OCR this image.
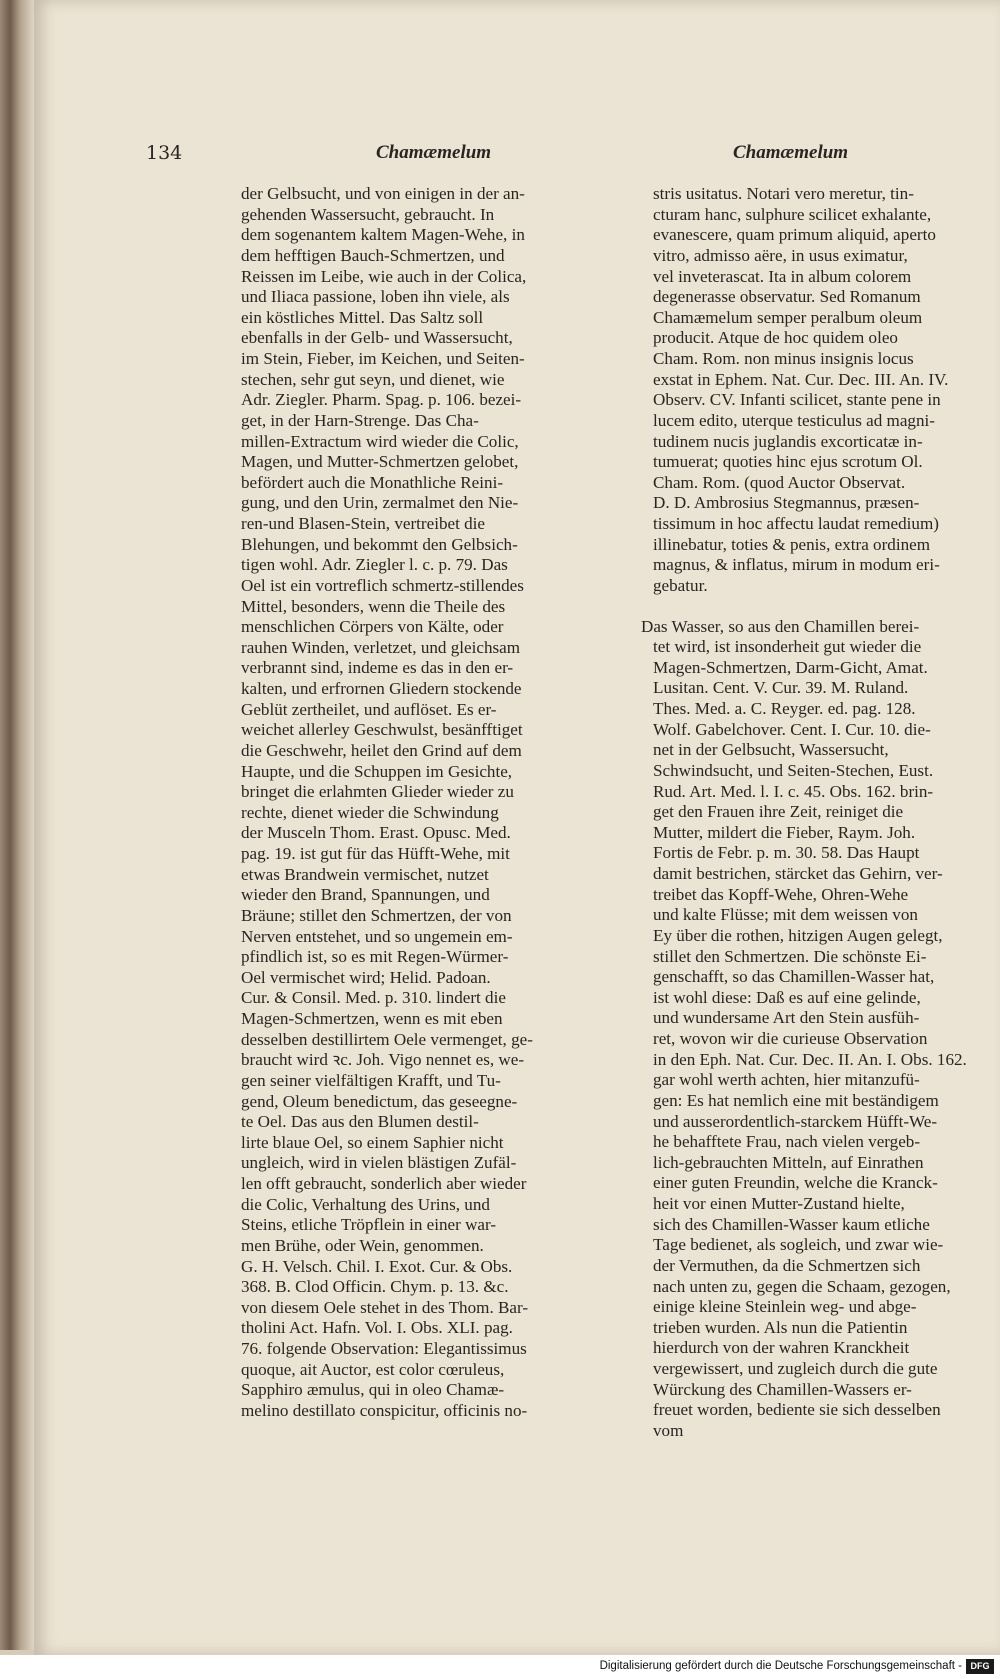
134	Chamæmelum	Chamæmelum
der Gelbsucht, und von einigen in der an-
gehenden Wassersucht, gebraucht. In
dem sogenantem kaltem Magen-Wehe, in
dem hefftigen Bauch-Schmertzen, und
Reissen im Leibe, wie auch in der Colica,
und Iliaca passione, loben ihn viele, als
ein köstliches Mittel. Das Saltz soll
ebenfalls in der Gelb- und Wassersucht,
im Stein, Fieber, im Keichen, und Seiten-
stechen, sehr gut seyn, und dienet, wie
Adr. Ziegler. Pharm. Spag. p. 106. bezei-
get, in der Harn-Strenge. Das Cha-
millen-Extractum wird wieder die Colic,
Magen, und Mutter-Schmertzen gelobet,
befördert auch die Monathliche Reini-
gung, und den Urin, zermalmet den Nie-
ren-und Blasen-Stein, vertreibet die
Blehungen, und bekommt den Gelbsich-
tigen wohl. Adr. Ziegler l. c. p. 79. Das
Oel ist ein vortreflich schmertz-stillendes
Mittel, besonders, wenn die Theile des
menschlichen Cörpers von Kälte, oder
rauhen Winden, verletzet, und gleichsam
verbrannt sind, indeme es das in den er-
kalten, und erfrornen Gliedern stockende
Geblüt zertheilet, und auflöset. Es er-
weichet allerley Geschwulst, besänfftiget
die Geschwehr, heilet den Grind auf dem
Haupte, und die Schuppen im Gesichte,
bringet die erlahmten Glieder wieder zu
rechte, dienet wieder die Schwindung
der Musceln Thom. Erast. Opusc. Med.
pag. 19. ist gut für das Hüfft-Wehe, mit
etwas Brandwein vermischet, nutzet
wieder den Brand, Spannungen, und
Bräune; stillet den Schmertzen, der von
Nerven entstehet, und so ungemein em-
pfindlich ist, so es mit Regen-Würmer-
Oel vermischet wird; Helid. Padoan.
Cur. & Consil. Med. p. 310. lindert die
Magen-Schmertzen, wenn es mit eben
desselben destillirtem Oele vermenget, ge-
braucht wird ꝛc. Joh. Vigo nennet es, we-
gen seiner vielfältigen Krafft, und Tu-
gend, Oleum benedictum, das geseegne-
te Oel. Das aus den Blumen destil-
lirte blaue Oel, so einem Saphier nicht
ungleich, wird in vielen blästigen Zufäl-
len offt gebraucht, sonderlich aber wieder
die Colic, Verhaltung des Urins, und
Steins, etliche Tröpflein in einer war-
men Brühe, oder Wein, genommen.
G. H. Velsch. Chil. I. Exot. Cur. & Obs.
368. B. Clod Officin. Chym. p. 13. &c.
von diesem Oele stehet in des Thom. Bar-
tholini Act. Hafn. Vol. I. Obs. XLI. pag.
76. folgende Observation: Elegantissimus
quoque, ait Auctor, est color cœruleus,
Sapphiro æmulus, qui in oleo Chamæ-
melino destillato conspicitur, officinis no-
stris usitatus. Notari vero meretur, tin-
cturam hanc, sulphure scilicet exhalante,
evanescere, quam primum aliquid, aperto
vitro, admisso aëre, in usus eximatur,
vel inveterascat. Ita in album colorem
degenerasse observatur. Sed Romanum
Chamæmelum semper peralbum oleum
producit. Atque de hoc quidem oleo
Cham. Rom. non minus insignis locus
exstat in Ephem. Nat. Cur. Dec. III. An. IV.
Observ. CV. Infanti scilicet, stante pene in
lucem edito, uterque testiculus ad magni-
tudinem nucis juglandis excorticatæ in-
tumuerat; quoties hinc ejus scrotum Ol.
Cham. Rom. (quod Auctor Observat.
D. D. Ambrosius Stegmannus, præsen-
tissimum in hoc affectu laudat remedium)
illinebatur, toties & penis, extra ordinem
magnus, & inflatus, mirum in modum eri-
gebatur.
Das Wasser, so aus den Chamillen berei-
tet wird, ist insonderheit gut wieder die
Magen-Schmertzen, Darm-Gicht, Amat.
Lusitan. Cent. V. Cur. 39. M. Ruland.
Thes. Med. a. C. Reyger. ed. pag. 128.
Wolf. Gabelchover. Cent. I. Cur. 10. die-
net in der Gelbsucht, Wassersucht,
Schwindsucht, und Seiten-Stechen, Eust.
Rud. Art. Med. l. I. c. 45. Obs. 162. brin-
get den Frauen ihre Zeit, reiniget die
Mutter, mildert die Fieber, Raym. Joh.
Fortis de Febr. p. m. 30. 58. Das Haupt
damit bestrichen, stärcket das Gehirn, ver-
treibet das Kopff-Wehe, Ohren-Wehe
und kalte Flüsse; mit dem weissen von
Ey über die rothen, hitzigen Augen gelegt,
stillet den Schmertzen. Die schönste Ei-
genschafft, so das Chamillen-Wasser hat,
ist wohl diese: Daß es auf eine gelinde,
und wundersame Art den Stein ausfüh-
ret, wovon wir die curieuse Observation
in den Eph. Nat. Cur. Dec. II. An. I. Obs. 162.
gar wohl werth achten, hier mitanzufü-
gen: Es hat nemlich eine mit beständigem
und ausserordentlich-starckem Hüfft-We-
he behafftete Frau, nach vielen vergeb-
lich-gebrauchten Mitteln, auf Einrathen
einer guten Freundin, welche die Kranck-
heit vor einen Mutter-Zustand hielte,
sich des Chamillen-Wasser kaum etliche
Tage bedienet, als sogleich, und zwar wie-
der Vermuthen, da die Schmertzen sich
nach unten zu, gegen die Schaam, gezogen,
einige kleine Steinlein weg- und abge-
trieben wurden. Als nun die Patientin
hierdurch von der wahren Kranckheit
vergewissert, und zugleich durch die gute
Würckung des Chamillen-Wassers er-
freuet worden, bediente sie sich desselben
vom
Digitalisierung gefördert durch die Deutsche Forschungsgemeinschaft - DFG
